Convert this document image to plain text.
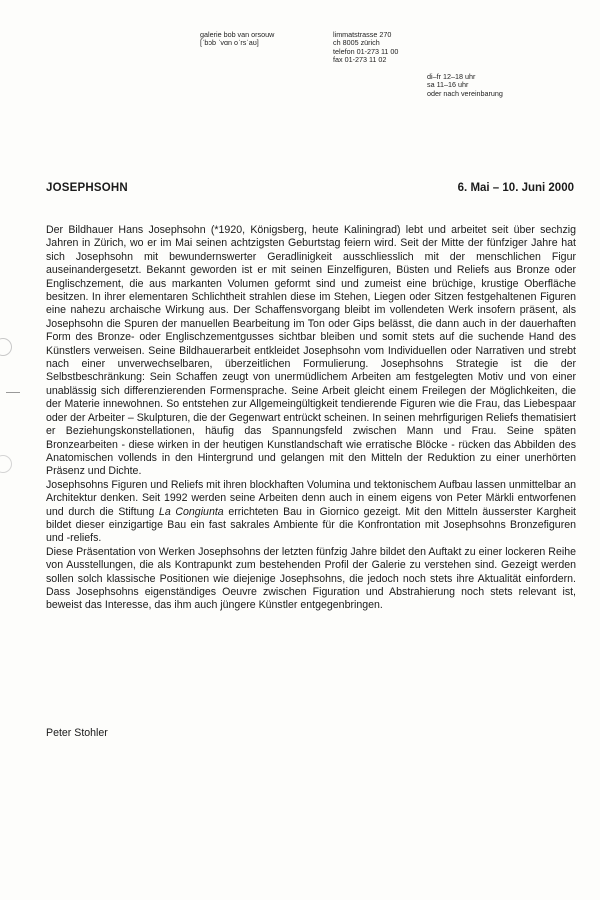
galerie bob van orsouw
[ˈbɔb ˈvɑn oˈrsˈaʊ]
limmatstrasse 270
ch 8005 zürich
telefon 01-273 11 00
fax 01-273 11 02
di–fr 12–18 uhr
sa 11–16 uhr
oder nach vereinbarung
JOSEPHSOHN	6. Mai – 10. Juni 2000

Der Bildhauer Hans Josephsohn (*1920, Königsberg, heute Kaliningrad) lebt und arbeitet seit über sechzig Jahren in Zürich, wo er im Mai seinen achtzigsten Geburtstag feiern wird. Seit der Mitte der fünfziger Jahre hat sich Josephsohn mit bewundernswerter Geradlinigkeit ausschliesslich mit der menschlichen Figur auseinandergesetzt. Bekannt geworden ist er mit seinen Einzelfiguren, Büsten und Reliefs aus Bronze oder Englischzement, die aus markanten Volumen geformt sind und zumeist eine brüchige, krustige Oberfläche besitzen. In ihrer elementaren Schlichtheit strahlen diese im Stehen, Liegen oder Sitzen festgehaltenen Figuren eine nahezu archaische Wirkung aus. Der Schaffensvorgang bleibt im vollendeten Werk insofern präsent, als Josephsohn die Spuren der manuellen Bearbeitung im Ton oder Gips belässt, die dann auch in der dauerhaften Form des Bronze- oder Englischzementgusses sichtbar bleiben und somit stets auf die suchende Hand des Künstlers verweisen. Seine Bildhauerarbeit entkleidet Josephsohn vom Individuellen oder Narrativen und strebt nach einer unverwechselbaren, überzeitlichen Formulierung. Josephsohns Strategie ist die der Selbstbeschränkung: Sein Schaffen zeugt von unermüdlichem Arbeiten am festgelegten Motiv und von einer unablässig sich differenzierenden Formensprache. Seine Arbeit gleicht einem Freilegen der Möglichkeiten, die der Materie innewohnen. So entstehen zur Allgemeingültigkeit tendierende Figuren wie die Frau, das Liebespaar oder der Arbeiter – Skulpturen, die der Gegenwart entrückt scheinen. In seinen mehrfigurigen Reliefs thematisiert er Beziehungskonstellationen, häufig das Spannungsfeld zwischen Mann und Frau. Seine späten Bronzearbeiten - diese wirken in der heutigen Kunstlandschaft wie erratische Blöcke - rücken das Abbilden des Anatomischen vollends in den Hintergrund und gelangen mit den Mitteln der Reduktion zu einer unerhörten Präsenz und Dichte.

Josephsohns Figuren und Reliefs mit ihren blockhaften Volumina und tektonischem Aufbau lassen unmittelbar an Architektur denken. Seit 1992 werden seine Arbeiten denn auch in einem eigens von Peter Märkli entworfenen und durch die Stiftung La Congiunta errichteten Bau in Giornico gezeigt. Mit den Mitteln äusserster Kargheit bildet dieser einzigartige Bau ein fast sakrales Ambiente für die Konfrontation mit Josephsohns Bronzefiguren und -reliefs.

Diese Präsentation von Werken Josephsohns der letzten fünfzig Jahre bildet den Auftakt zu einer lockeren Reihe von Ausstellungen, die als Kontrapunkt zum bestehenden Profil der Galerie zu verstehen sind. Gezeigt werden sollen solch klassische Positionen wie diejenige Josephsohns, die jedoch noch stets ihre Aktualität einfordern. Dass Josephsohns eigenständiges Oeuvre zwischen Figuration und Abstrahierung noch stets relevant ist, beweist das Interesse, das ihm auch jüngere Künstler entgegenbringen.

Peter Stohler
